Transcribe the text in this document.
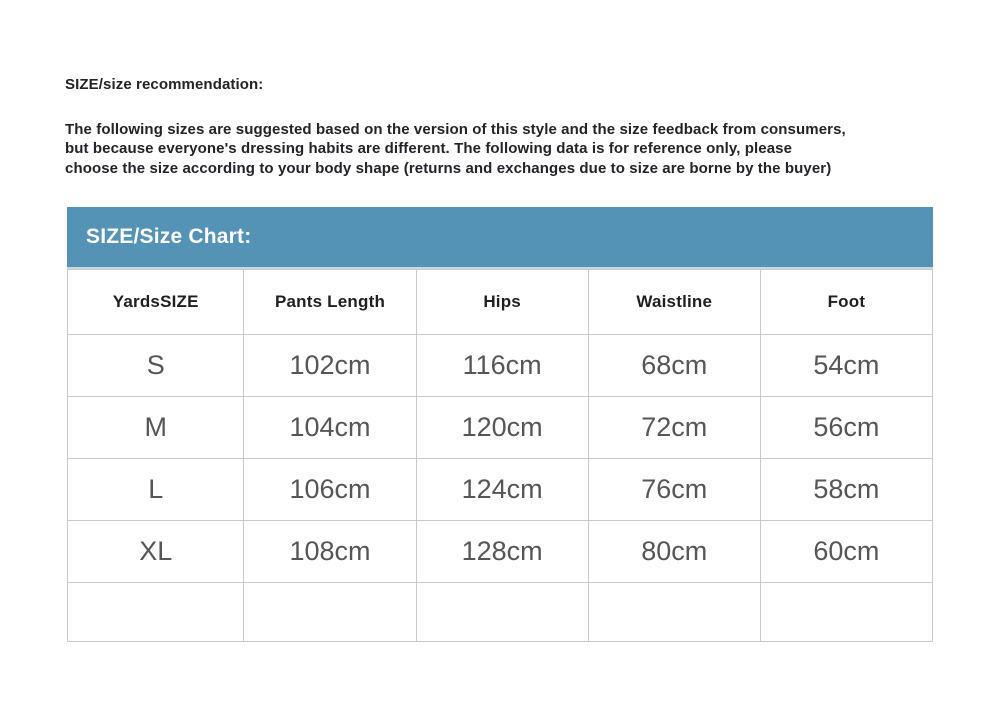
SIZE/size recommendation:
The following sizes are suggested based on the version of this style and the size feedback from consumers,
but because everyone's dressing habits are different. The following data is for reference only, please
choose the size according to your body shape (returns and exchanges due to size are borne by the buyer)
SIZE/Size Chart:
YardsSIZE	Pants Length	Hips	Waistline	Foot
S	102cm	116cm	68cm	54cm
M	104cm	120cm	72cm	56cm
L	106cm	124cm	76cm	58cm
XL	108cm	128cm	80cm	60cm
